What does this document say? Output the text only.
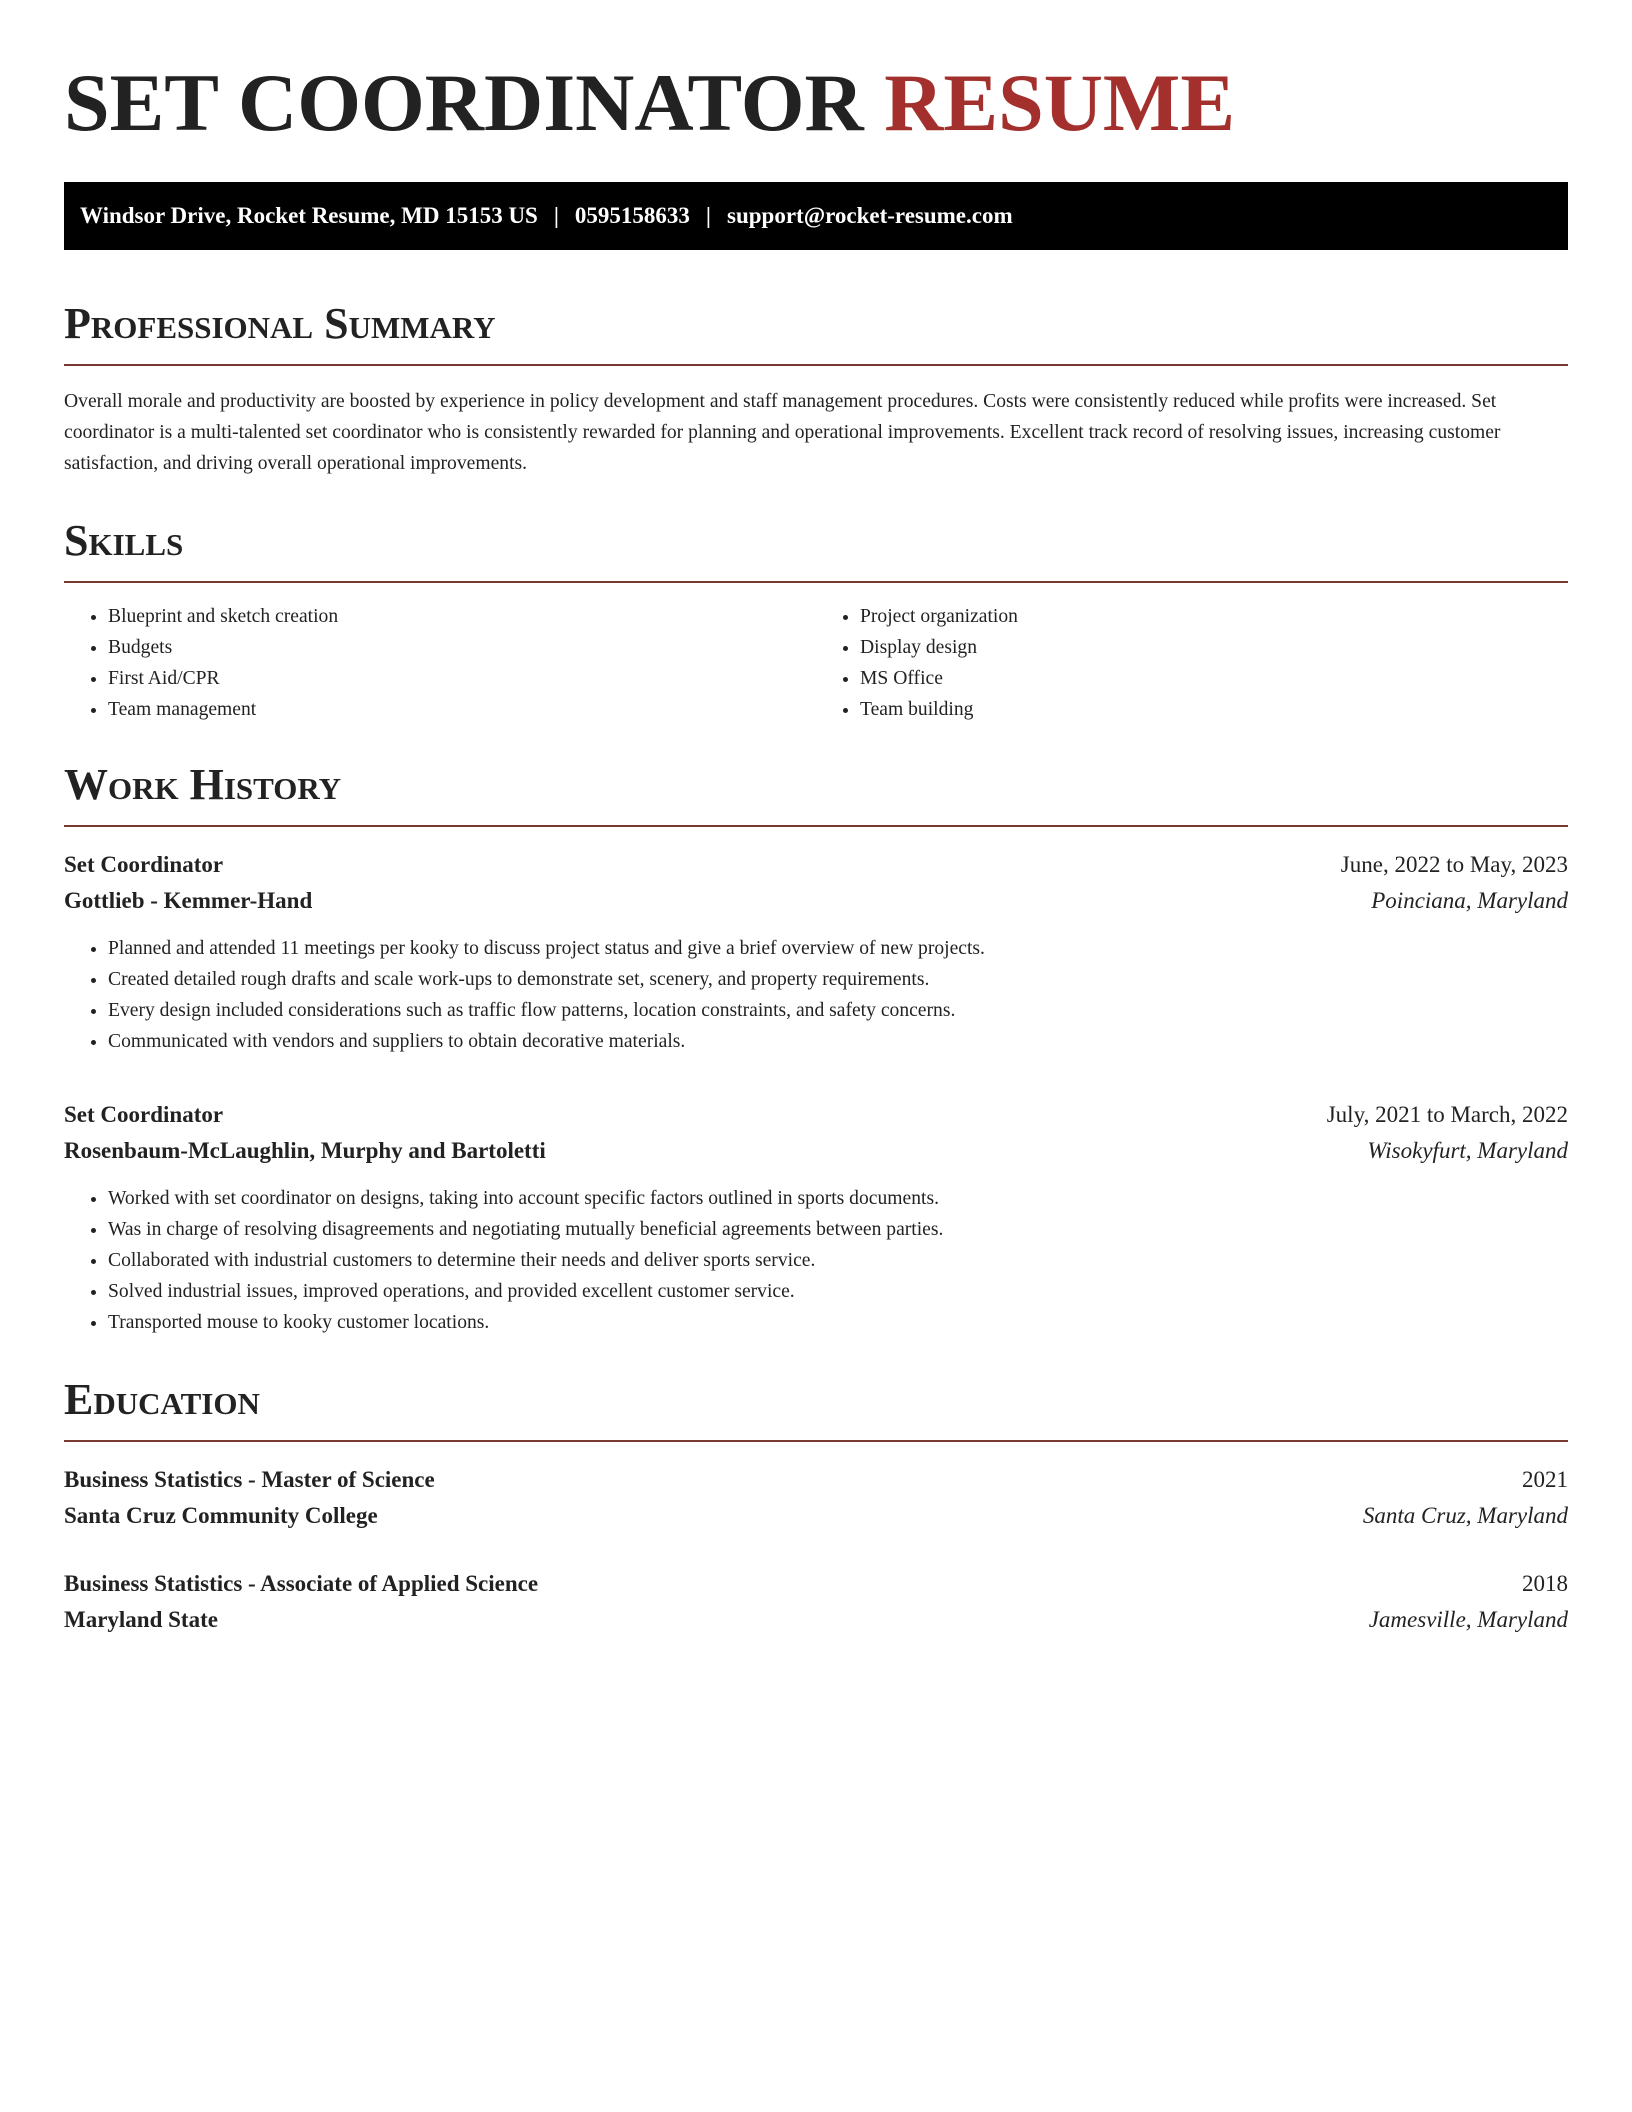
SET COORDINATOR RESUME
Windsor Drive, Rocket Resume, MD 15153 US | 0595158633 | support@rocket-resume.com
Professional Summary

Overall morale and productivity are boosted by experience in policy development and staff management procedures. Costs were consistently reduced while profits were increased. Set coordinator is a multi-talented set coordinator who is consistently rewarded for planning and operational improvements. Excellent track record of resolving issues, increasing customer satisfaction, and driving overall operational improvements.

Skills
• Blueprint and sketch creation
• Budgets
• First Aid/CPR
• Team management
• Project organization
• Display design
• MS Office
• Team building
Work History
Set Coordinator	June, 2022 to May, 2023
Gottlieb - Kemmer-Hand	Poinciana, Maryland
• Planned and attended 11 meetings per kooky to discuss project status and give a brief overview of new projects.
• Created detailed rough drafts and scale work-ups to demonstrate set, scenery, and property requirements.
• Every design included considerations such as traffic flow patterns, location constraints, and safety concerns.
• Communicated with vendors and suppliers to obtain decorative materials.
Set Coordinator	July, 2021 to March, 2022
Rosenbaum-McLaughlin, Murphy and Bartoletti	Wisokyfurt, Maryland
• Worked with set coordinator on designs, taking into account specific factors outlined in sports documents.
• Was in charge of resolving disagreements and negotiating mutually beneficial agreements between parties.
• Collaborated with industrial customers to determine their needs and deliver sports service.
• Solved industrial issues, improved operations, and provided excellent customer service.
• Transported mouse to kooky customer locations.
Education
Business Statistics - Master of Science	2021
Santa Cruz Community College	Santa Cruz, Maryland
Business Statistics - Associate of Applied Science	2018
Maryland State	Jamesville, Maryland
